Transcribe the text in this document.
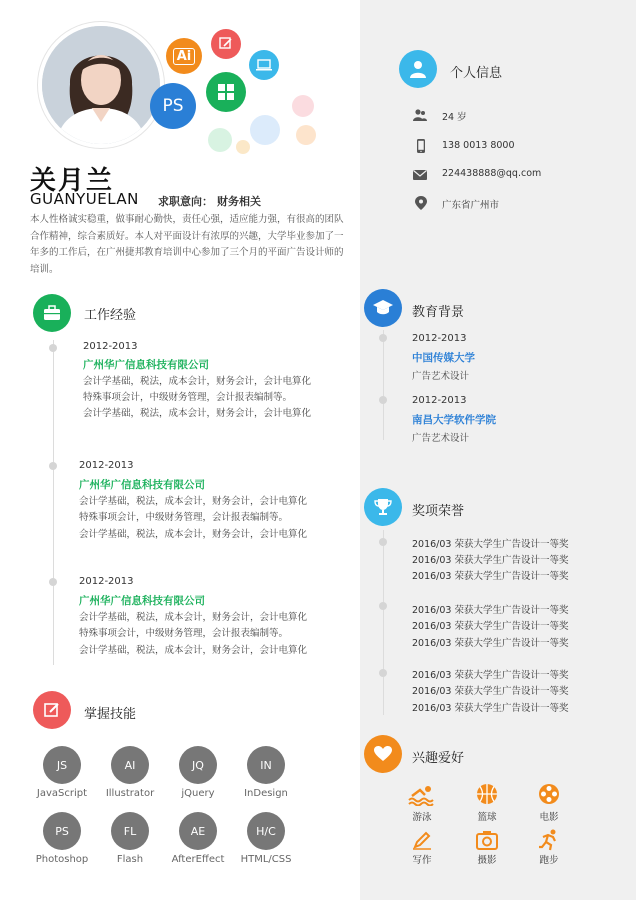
Ai
PS
关月兰
GUANYUELAN 求职意向： 财务相关
本人性格诚实稳重，做事耐心勤快，责任心强，适应能力强，有很高的团队合作精神，综合素质好。本人对平面设计有浓厚的兴趣，大学毕业参加了一年多的工作后，在广州捷邦教育培训中心参加了三个月的平面广告设计师的培训。
工作经验
2012-2013
广州华广信息科技有限公司
会计学基础，税法，成本会计，财务会计，会计电算化
特殊事项会计，中级财务管理，会计报表编制等。
会计学基础，税法，成本会计，财务会计，会计电算化
2012-2013
广州华广信息科技有限公司
会计学基础，税法，成本会计，财务会计，会计电算化
特殊事项会计，中级财务管理，会计报表编制等。
会计学基础，税法，成本会计，财务会计，会计电算化
2012-2013
广州华广信息科技有限公司
会计学基础，税法，成本会计，财务会计，会计电算化
特殊事项会计，中级财务管理，会计报表编制等。
会计学基础，税法，成本会计，财务会计，会计电算化
掌握技能
JS	AI	JQ	IN
JavaScript	Illustrator	jQuery	InDesign
PS	FL	AE	H/C
Photoshop	Flash	AfterEffect	HTML/CSS
个人信息
24 岁
138 0013 8000
224438888@qq.com
广东省广州市
教育背景
2012-2013
中国传媒大学
广告艺术设计
2012-2013
南昌大学软件学院
广告艺术设计
奖项荣誉
2016/03 荣获大学生广告设计一等奖
2016/03 荣获大学生广告设计一等奖
2016/03 荣获大学生广告设计一等奖
2016/03 荣获大学生广告设计一等奖
2016/03 荣获大学生广告设计一等奖
2016/03 荣获大学生广告设计一等奖
2016/03 荣获大学生广告设计一等奖
2016/03 荣获大学生广告设计一等奖
2016/03 荣获大学生广告设计一等奖
兴趣爱好
游泳	篮球	电影
写作	摄影	跑步
